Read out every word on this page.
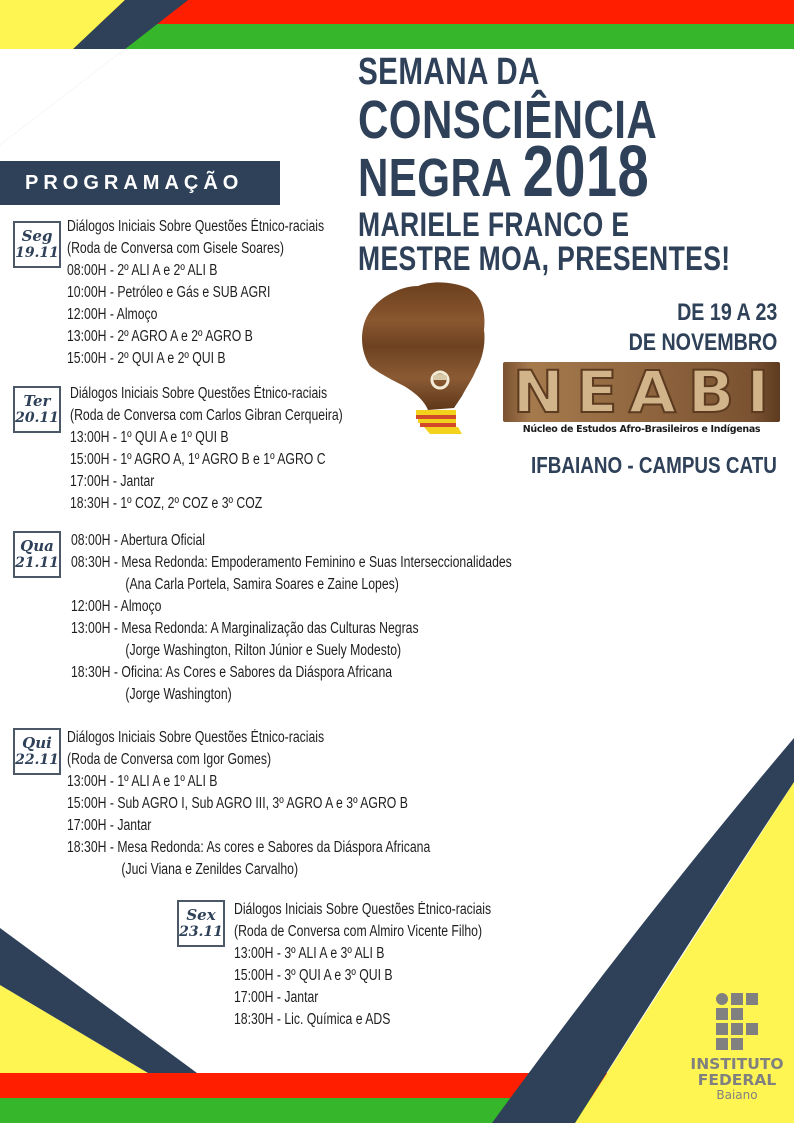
SEMANA DA
CONSCIÊNCIA
NEGRA 2018
MARIELE FRANCO E
MESTRE MOA, PRESENTES!
PROGRAMAÇÃO
DE 19 A 23
DE NOVEMBRO
N E A B I
Núcleo de Estudos Afro-Brasileiros e Indígenas
IFBAIANO - CAMPUS CATU
Seg
19.11
Diálogos Iniciais Sobre Questões Étnico-raciais
(Roda de Conversa com Gisele Soares)
08:00H - 2º ALI A e 2º ALI B
10:00H - Petróleo e Gás e SUB AGRI
12:00H - Almoço
13:00H - 2º AGRO A e 2º AGRO B
15:00H - 2º QUI A e 2º QUI B
Ter
20.11
Diálogos Iniciais Sobre Questões Étnico-raciais
(Roda de Conversa com Carlos Gibran Cerqueira)
13:00H - 1º QUI A e 1º QUI B
15:00H - 1º AGRO A, 1º AGRO B e 1º AGRO C
17:00H - Jantar
18:30H - 1º COZ, 2º COZ e 3º COZ
Qua
21.11
08:00H - Abertura Oficial
08:30H - Mesa Redonda: Empoderamento Feminino e Suas Interseccionalidades
(Ana Carla Portela, Samira Soares e Zaine Lopes)
12:00H - Almoço
13:00H - Mesa Redonda: A Marginalização das Culturas Negras
(Jorge Washington, Rilton Júnior e Suely Modesto)
18:30H - Oficina: As Cores e Sabores da Diáspora Africana
(Jorge Washington)
Qui
22.11
Diálogos Iniciais Sobre Questões Étnico-raciais
(Roda de Conversa com Igor Gomes)
13:00H - 1º ALI A e 1º ALI B
15:00H - Sub AGRO I, Sub AGRO III, 3º AGRO A e 3º AGRO B
17:00H - Jantar
18:30H - Mesa Redonda: As cores e Sabores da Diáspora Africana
(Juci Viana e Zenildes Carvalho)
Sex
23.11
Diálogos Iniciais Sobre Questões Étnico-raciais
(Roda de Conversa com Almiro Vicente Filho)
13:00H - 3º ALI A e 3º ALI B
15:00H - 3º QUI A e 3º QUI B
17:00H - Jantar
18:30H - Lic. Química e ADS
INSTITUTO
FEDERAL
Baiano
